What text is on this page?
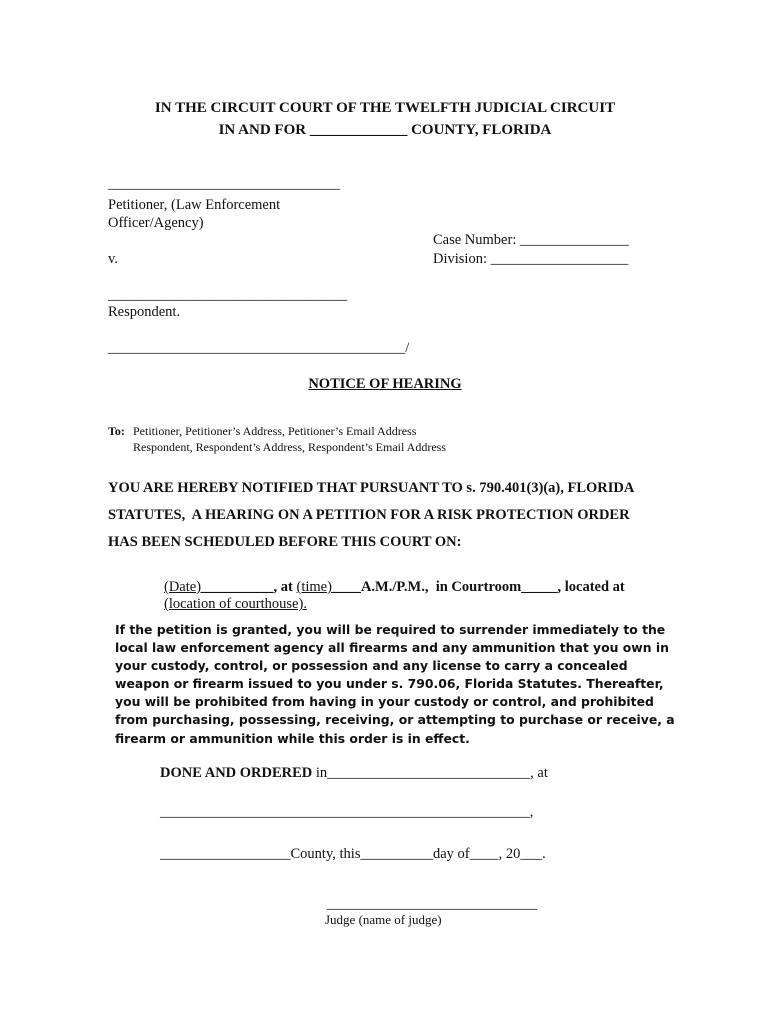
IN THE CIRCUIT COURT OF THE TWELFTH JUDICIAL CIRCUIT
IN AND FOR _____________ COUNTY, FLORIDA
________________________________
Petitioner, (Law Enforcement
Officer/Agency)
Case Number: _______________
Division: ___________________
v.
_________________________________
Respondent.
_________________________________________/
NOTICE OF HEARING
To: Petitioner, Petitioner’s Address, Petitioner’s Email Address
Respondent, Respondent’s Address, Respondent’s Email Address
YOU ARE HEREBY NOTIFIED THAT PURSUANT TO s. 790.401(3)(a), FLORIDA
STATUTES,  A HEARING ON A PETITION FOR A RISK PROTECTION ORDER
HAS BEEN SCHEDULED BEFORE THIS COURT ON:
(Date)__________, at (time)____A.M./P.M.,  in Courtroom_____, located at
(location of courthouse).
If the petition is granted, you will be required to surrender immediately to the local law enforcement agency all firearms and any ammunition that you own in your custody, control, or possession and any license to carry a concealed weapon or firearm issued to you under s. 790.06, Florida Statutes. Thereafter, you will be prohibited from having in your custody or control, and prohibited from purchasing, possessing, receiving, or attempting to purchase or receive, a firearm or ammunition while this order is in effect.
DONE AND ORDERED in____________________________, at
___________________________________________________,
__________________County, this__________day of____, 20___.
_____________________________
Judge (name of judge)
